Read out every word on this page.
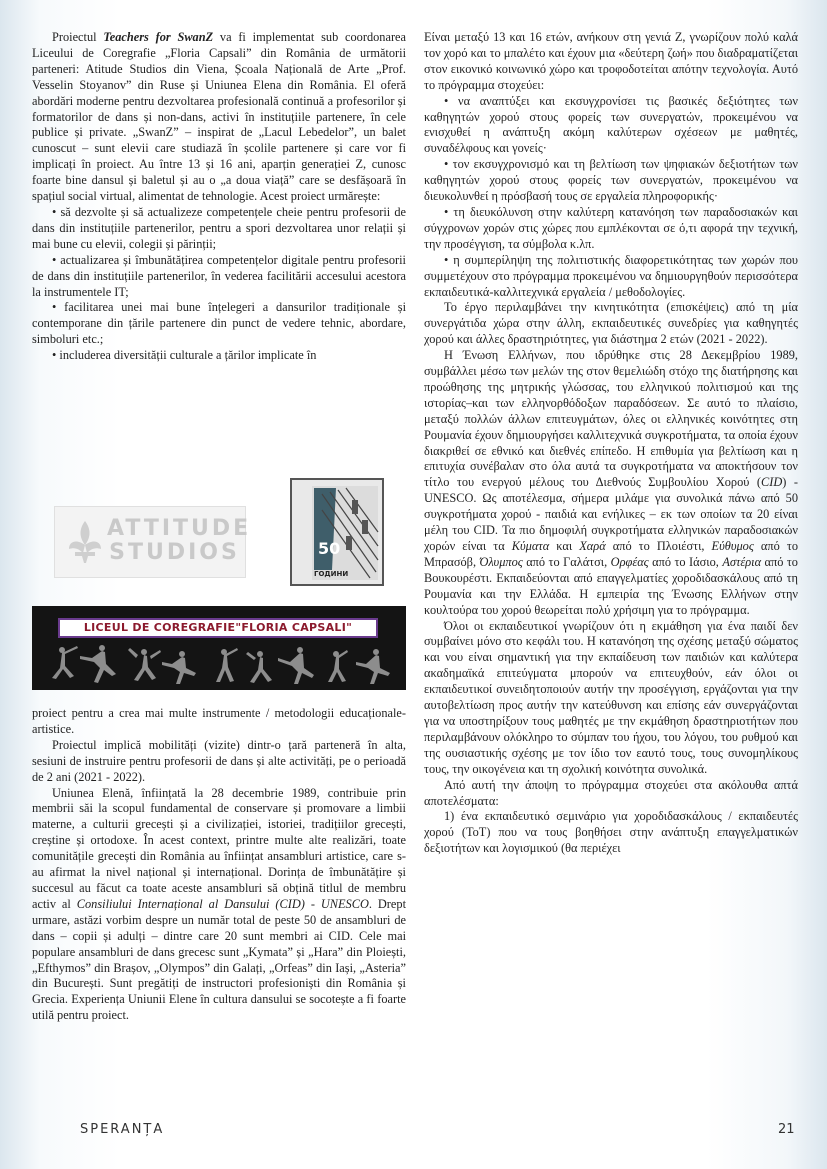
Proiectul Teachers for SwanZ va fi implementat sub coordonarea Liceului de Coregrafie „Floria Capsali” din România de următorii parteneri: Atitude Studios din Viena, Școala Națională de Arte „Prof. Vesselin Stoyanov” din Ruse și Uniunea Elena din România. El oferă abordări moderne pentru dezvoltarea profesională continuă a profesorilor și formatorilor de dans și non-dans, activi în instituțiile partenere, în cele publice și private. „SwanZ” – inspirat de „Lacul Lebedelor”, un balet cunoscut – sunt elevii care studiază în școlile partenere și care vor fi implicați în proiect. Au între 13 și 16 ani, aparțin generației Z, cunosc foarte bine dansul și baletul și au o „a doua viață” care se desfășoară în spațiul social virtual, alimentat de tehnologie. Acest proiect urmărește:

• să dezvolte și să actualizeze competențele cheie pentru profesorii de dans din instituțiile partenerilor, pentru a spori dezvoltarea unor relații și mai bune cu elevii, colegii și părinții;

• actualizarea și îmbunătățirea competențelor digitale pentru profesorii de dans din instituțiile partenerilor, în vederea facilitării accesului acestora la instrumentele IT;

• facilitarea unei mai bune înțelegeri a dansurilor tradiționale și contemporane din țările partenere din punct de vedere tehnic, abordare, simboluri etc.;

• includerea diversității culturale a țărilor implicate în

ATTITUDE STUDIOS	50
ГОДИНИ
LICEUL DE COREGRAFIE"FLORIA CAPSALI"

proiect pentru a crea mai multe instrumente / metodologii educaționale-artistice.

Proiectul implică mobilități (vizite) dintr-o țară parteneră în alta, sesiuni de instruire pentru profesorii de dans și alte activități, pe o perioadă de 2 ani (2021 - 2022).

Uniunea Elenă, înființată la 28 decembrie 1989, contribuie prin membrii săi la scopul fundamental de conservare și promovare a limbii materne, a culturii grecești și a civilizației, istoriei, tradițiilor grecești, creștine și ortodoxe. În acest context, printre multe alte realizări, toate comunitățile grecești din România au înființat ansambluri artistice, care s-au afirmat la nivel național și internațional. Dorința de îmbunătățire și succesul au făcut ca toate aceste ansambluri să obțină titlul de membru activ al Consiliului Internațional al Dansului (CID) - UNESCO. Drept urmare, astăzi vorbim despre un număr total de peste 50 de ansambluri de dans – copii și adulți – dintre care 20 sunt membri ai CID. Cele mai populare ansambluri de dans grecesc sunt „Kymata” și „Hara” din Ploiești, „Efthymos” din Brașov, „Olympos” din Galați, „Orfeas” din Iași, „Asteria” din București. Sunt pregătiți de instructori profesioniști din România și Grecia. Experiența Uniunii Elene în cultura dansului se socotește a fi foarte utilă pentru proiect.

Είναι μεταξύ 13 και 16 ετών, ανήκουν στη γενιά Z, γνωρίζουν πολύ καλά τον χορό και το μπαλέτο και έχουν μια «δεύτερη ζωή» που διαδραματίζεται στον εικονικό κοινωνικό χώρο και τροφοδοτείται απότην τεχνολογία. Αυτό το πρόγραμμα στοχεύει:

• να αναπτύξει και εκσυγχρονίσει τις βασικές δεξιότητες των καθηγητών χορού στους φορείς των συνεργατών, προκειμένου να ενισχυθεί η ανάπτυξη ακόμη καλύτερων σχέσεων με μαθητές, συναδέλφους και γονείς·

• τον εκσυγχρονισμό και τη βελτίωση των ψηφιακών δεξιοτήτων των καθηγητών χορού στους φορείς των συνεργατών, προκειμένου να διευκολυνθεί η πρόσβασή τους σε εργαλεία πληροφορικής·

• τη διευκόλυνση στην καλύτερη κατανόηση των παραδοσιακών και σύγχρονων χορών στις χώρες που εμπλέκονται σε ό,τι αφορά την τεχνική, την προσέγγιση, τα σύμβολα κ.λπ.

• η συμπερίληψη της πολιτιστικής διαφορετικότητας των χωρών που συμμετέχουν στο πρόγραμμα προκειμένου να δημιουργηθούν περισσότερα εκπαιδευτικά-καλλιτεχνικά εργαλεία / μεθοδολογίες.

Το έργο περιλαμβάνει την κινητικότητα (επισκέψεις) από τη μία συνεργάτιδα χώρα στην άλλη, εκπαιδευτικές συνεδρίες για καθηγητές χορού και άλλες δραστηριότητες, για διάστημα 2 ετών (2021 - 2022).

Η Ένωση Ελλήνων, που ιδρύθηκε στις 28 Δεκεμβρίου 1989, συμβάλλει μέσω των μελών της στον θεμελιώδη στόχο της διατήρησης και προώθησης της μητρικής γλώσσας, του ελληνικού πολιτισμού και της ιστορίας–και των ελληνορθόδοξων παραδόσεων. Σε αυτό το πλαίσιο, μεταξύ πολλών άλλων επιτευγμάτων, όλες οι ελληνικές κοινότητες στη Ρουμανία έχουν δημιουργήσει καλλιτεχνικά συγκροτήματα, τα οποία έχουν διακριθεί σε εθνικό και διεθνές επίπεδο. Η επιθυμία για βελτίωση και η επιτυχία συνέβαλαν στο όλα αυτά τα συγκροτήματα να αποκτήσουν τον τίτλο του ενεργού μέλους του Διεθνούς Συμβουλίου Χορού (CID) - UNESCO. Ως αποτέλεσμα, σήμερα μιλάμε για συνολικά πάνω από 50 συγκροτήματα χορού - παιδιά και ενήλικες – εκ των οποίων τα 20 είναι μέλη του CID. Τα πιο δημοφιλή συγκροτήματα ελληνικών παραδοσιακών χορών είναι τα Κύματα και Χαρά από το Πλοιέστι, Εύθυμος από το Μπρασόβ, Όλυμπος από το Γαλάτσι, Ορφέας από το Ιάσιο, Αστέρια από το Βουκουρέστι. Εκπαιδεύονται από επαγγελματίες χοροδιδασκάλους από τη Ρουμανία και την Ελλάδα. Η εμπειρία της Ένωσης Ελλήνων στην κουλτούρα του χορού θεωρείται πολύ χρήσιμη για το πρόγραμμα.

Όλοι οι εκπαιδευτικοί γνωρίζουν ότι η εκμάθηση για ένα παιδί δεν συμβαίνει μόνο στο κεφάλι του. Η κατανόηση της σχέσης μεταξύ σώματος και νου είναι σημαντική για την εκπαίδευση των παιδιών και καλύτερα ακαδημαϊκά επιτεύγματα μπορούν να επιτευχθούν, εάν όλοι οι εκπαιδευτικοί συνειδητοποιούν αυτήν την προσέγγιση, εργάζονται για την αυτοβελτίωση προς αυτήν την κατεύθυνση και επίσης εάν συνεργάζονται για να υποστηρίξουν τους μαθητές με την εκμάθηση δραστηριοτήτων που περιλαμβάνουν ολόκληρο το σύμπαν του ήχου, του λόγου, του ρυθμού και της ουσιαστικής σχέσης με τον ίδιο τον εαυτό τους, τους συνομηλίκους τους, την οικογένεια και τη σχολική κοινότητα συνολικά.

Από αυτή την άποψη το πρόγραμμα στοχεύει στα ακόλουθα απτά αποτελέσματα:

1) ένα εκπαιδευτικό σεμινάριο για χοροδιδασκάλους / εκπαιδευτές χορού (ToT) που να τους βοηθήσει στην ανάπτυξη επαγγελματικών δεξιοτήτων και λογισμικού (θα περιέχει

SPERANȚA	21
